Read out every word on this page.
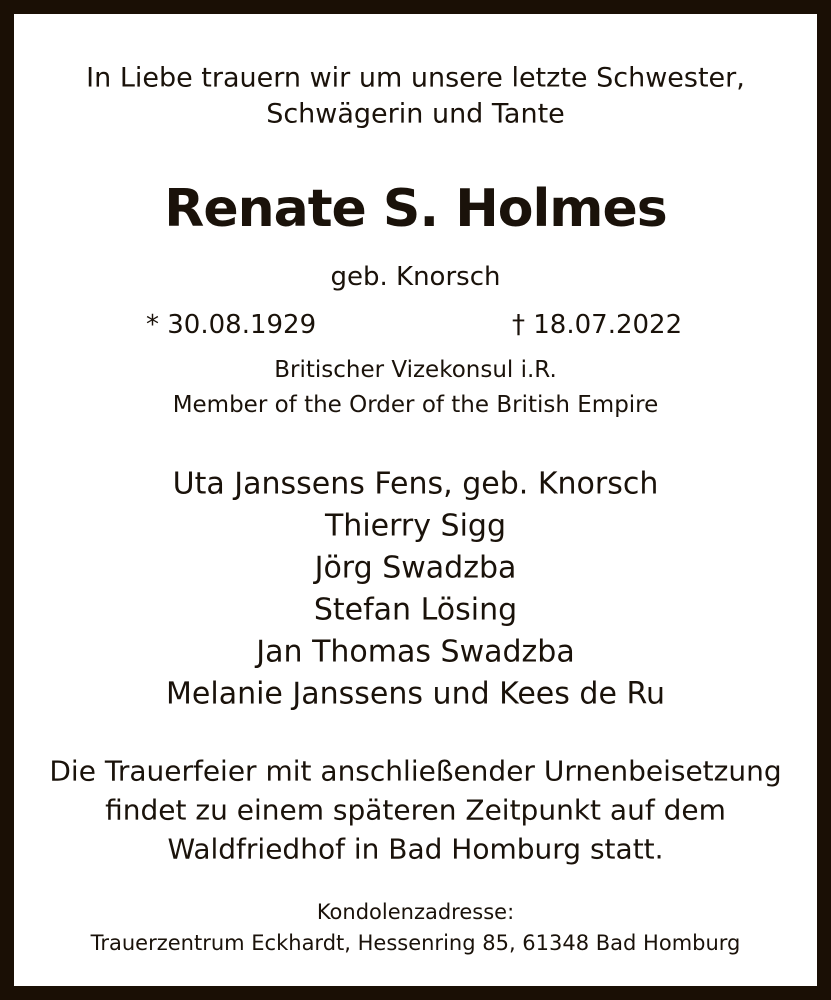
In Liebe trauern wir um unsere letzte Schwester,
Schwägerin und Tante
Renate S. Holmes
geb. Knorsch
* 30.08.1929	† 18.07.2022
Britischer Vizekonsul i.R.
Member of the Order of the British Empire
Uta Janssens Fens, geb. Knorsch
Thierry Sigg
Jörg Swadzba
Stefan Lösing
Jan Thomas Swadzba
Melanie Janssens und Kees de Ru
Die Trauerfeier mit anschließender Urnenbeisetzung
findet zu einem späteren Zeitpunkt auf dem
Waldfriedhof in Bad Homburg statt.
Kondolenzadresse:
Trauerzentrum Eckhardt, Hessenring 85, 61348 Bad Homburg
